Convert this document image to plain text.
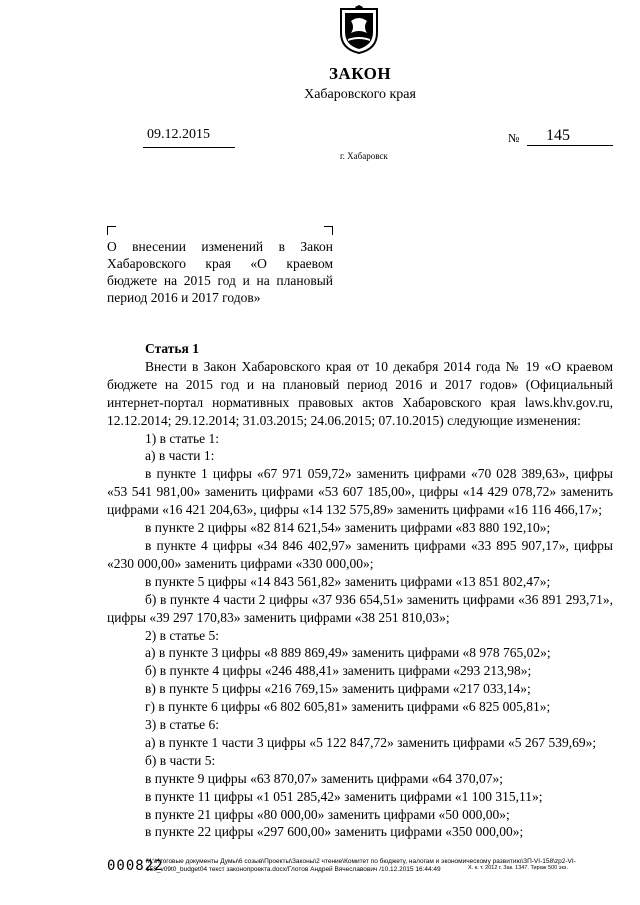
ЗАКОН
Хабаровского края
09.12.2015	№ 145
г. Хабаровск
О внесении изменений в Закон Хабаровского края «О краевом бюджете на 2015 год и на плановый период 2016 и 2017 годов»

Статья 1

Внести в Закон Хабаровского края от 10 декабря 2014 года № 19 «О краевом бюджете на 2015 год и на плановый период 2016 и 2017 годов» (Официальный интернет-портал нормативных правовых актов Хабаровского края laws.khv.gov.ru, 12.12.2014; 29.12.2014; 31.03.2015; 24.06.2015; 07.10.2015) следующие изменения:

1) в статье 1:

а) в части 1:

в пункте 1 цифры «67 971 059,72» заменить цифрами «70 028 389,63», цифры «53 541 981,00» заменить цифрами «53 607 185,00», цифры «14 429 078,72» заменить цифрами «16 421 204,63», цифры «14 132 575,89» заменить цифрами «16 116 466,17»;

в пункте 2 цифры «82 814 621,54» заменить цифрами «83 880 192,10»;

в пункте 4 цифры «34 846 402,97» заменить цифрами «33 895 907,17», цифры «230 000,00» заменить цифрами «330 000,00»;

в пункте 5 цифры «14 843 561,82» заменить цифрами «13 851 802,47»;

б) в пункте 4 части 2 цифры «37 936 654,51» заменить цифрами «36 891 293,71», цифры «39 297 170,83» заменить цифрами «38 251 810,03»;

2) в статье 5:

а) в пункте 3 цифры «8 889 869,49» заменить цифрами «8 978 765,02»;

б) в пункте 4 цифры «246 488,41» заменить цифрами «293 213,98»;

в) в пункте 5 цифры «216 769,15» заменить цифрами «217 033,14»;

г) в пункте 6 цифры «6 802 605,81» заменить цифрами «6 825 005,81»;

3) в статье 6:

а) в пункте 1 части 3 цифры «5 122 847,72» заменить цифрами «5 267 539,69»;

б) в части 5:

в пункте 9 цифры «63 870,07» заменить цифрами «64 370,07»;

в пункте 11 цифры «1 051 285,42» заменить цифрами «1 100 315,11»;

в пункте 21 цифры «80 000,00» заменить цифрами «50 000,00»;

в пункте 22 цифры «297 600,00» заменить цифрами «350 000,00»;

000822
M:\Итоговые документы Думы\6 созыв\Проекты\Законы\2 чтение\Комитет по бюджету, налогам и экономическому развитию\ЗП-VI-158\zp2-VI-158_v09t0_budget04 текст законопроекта.docx/Глотов Андрей Вячеславович /10.12.2015 16:44:49	Х. к. т. 2012 г. Зак. 1347. Тираж 500 экз.
